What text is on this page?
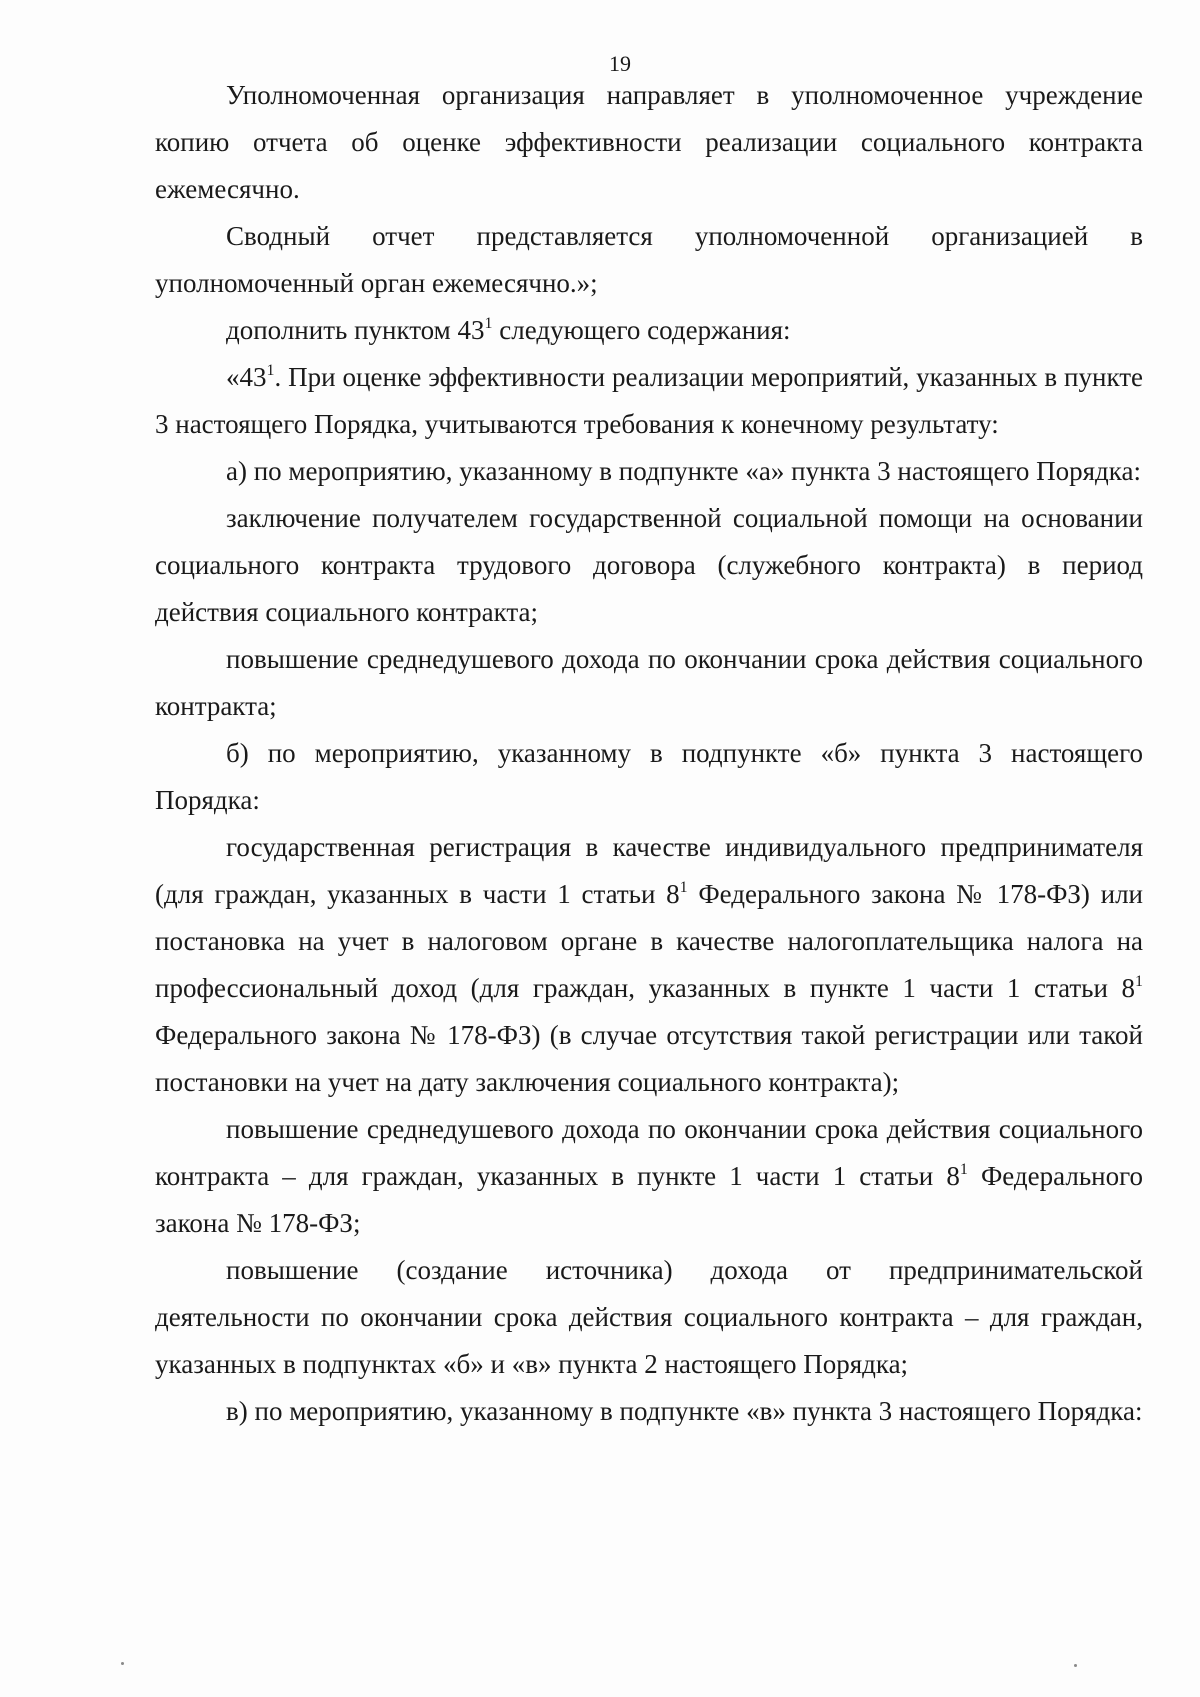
19

Уполномоченная организация направляет в уполномоченное учреждение копию отчета об оценке эффективности реализации социального контракта ежемесячно.

Сводный отчет представляется уполномоченной организацией в уполномоченный орган ежемесячно.»;

дополнить пунктом $43^1$ следующего содержания:

«$43^1$. При оценке эффективности реализации мероприятий, указанных в пункте 3 настоящего Порядка, учитываются требования к конечному результату:

а) по мероприятию, указанному в подпункте «а» пункта 3 настоящего Порядка:

заключение получателем государственной социальной помощи на основании социального контракта трудового договора (служебного контракта) в период действия социального контракта;

повышение среднедушевого дохода по окончании срока действия социального контракта;

б) по мероприятию, указанному в подпункте «б» пункта 3 настоящего Порядка:

государственная регистрация в качестве индивидуального предпринимателя (для граждан, указанных в части 1 статьи $8^1$ Федерального закона № 178-ФЗ) или постановка на учет в налоговом органе в качестве налогоплательщика налога на профессиональный доход (для граждан, указанных в пункте 1 части 1 статьи $8^1$ Федерального закона № 178-ФЗ) (в случае отсутствия такой регистрации или такой постановки на учет на дату заключения социального контракта);

повышение среднедушевого дохода по окончании срока действия социального контракта – для граждан, указанных в пункте 1 части 1 статьи $8^1$ Федерального закона № 178-ФЗ;

повышение (создание источника) дохода от предпринимательской деятельности по окончании срока действия социального контракта – для граждан, указанных в подпунктах «б» и «в» пункта 2 настоящего Порядка;

в) по мероприятию, указанному в подпункте «в» пункта 3 настоящего Порядка:
